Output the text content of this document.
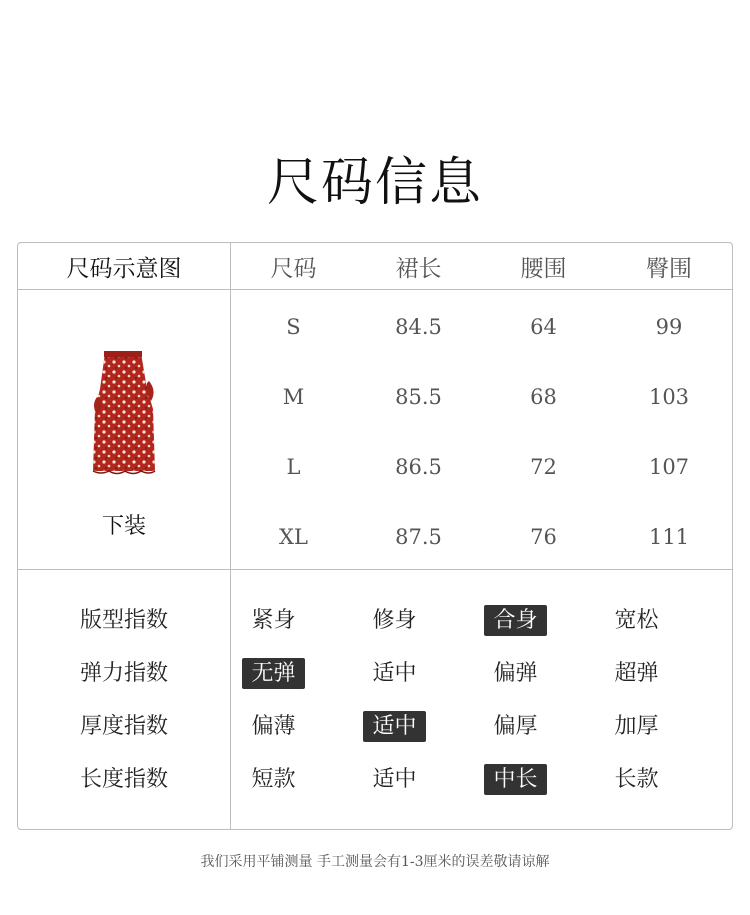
尺码信息
尺码示意图	尺码	裙长	腰围	臀围
下装
S	84.5	64	99
M	85.5	68	103
L	86.5	72	107
XL	87.5	76	111
版型指数	紧身	修身	合身	宽松
弹力指数	无弹	适中	偏弹	超弹
厚度指数	偏薄	适中	偏厚	加厚
长度指数	短款	适中	中长	长款
我们采用平铺测量 手工测量会有1-3厘米的误差敬请谅解
